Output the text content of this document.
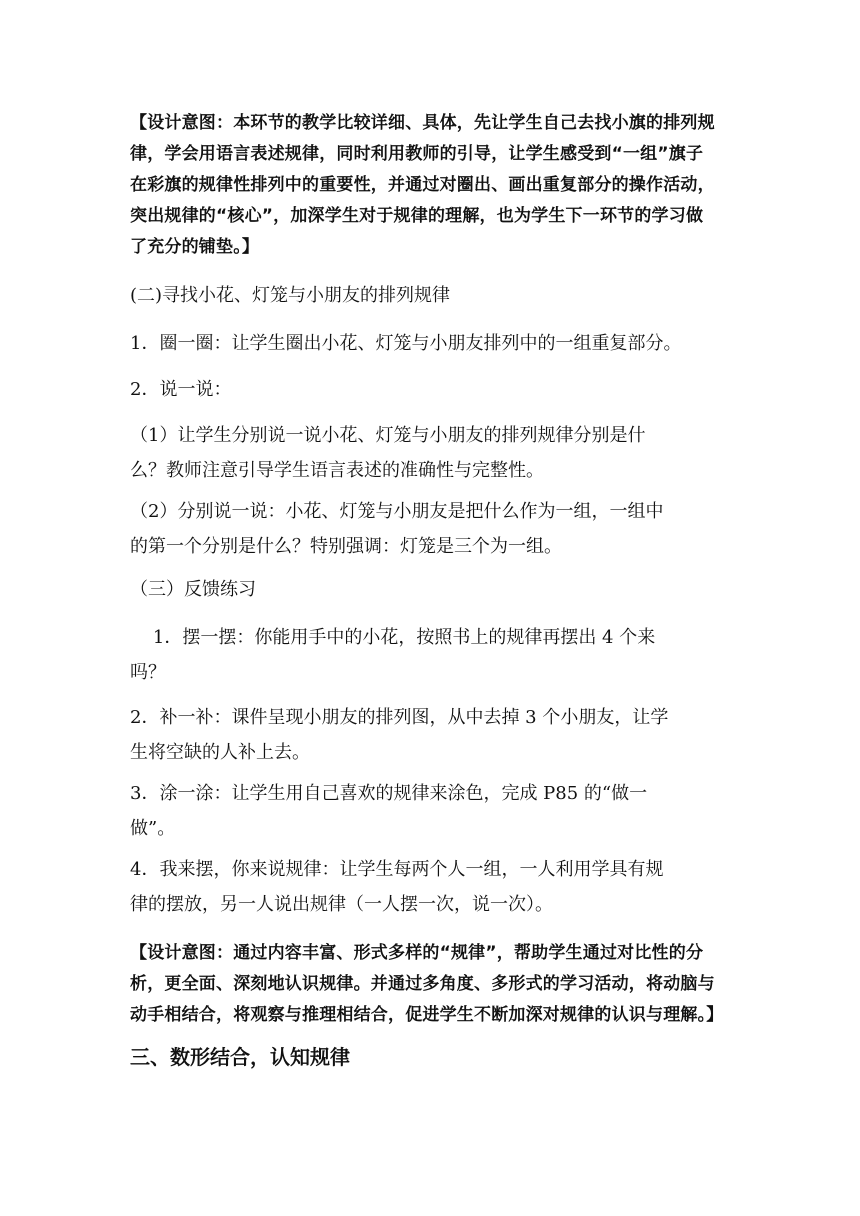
【设计意图：本环节的教学比较详细、具体，先让学生自己去找小旗的排列规
律，学会用语言表述规律，同时利用教师的引导，让学生感受到“一组”旗子
在彩旗的规律性排列中的重要性，并通过对圈出、画出重复部分的操作活动，
突出规律的“核心”，加深学生对于规律的理解，也为学生下一环节的学习做
了充分的铺垫。】

(二)寻找小花、灯笼与小朋友的排列规律

1．圈一圈：让学生圈出小花、灯笼与小朋友排列中的一组重复部分。

2．说一说：

（1）让学生分别说一说小花、灯笼与小朋友的排列规律分别是什
么？教师注意引导学生语言表述的准确性与完整性。

（2）分别说一说：小花、灯笼与小朋友是把什么作为一组，一组中
的第一个分别是什么？特别强调：灯笼是三个为一组。

（三）反馈练习

1．摆一摆：你能用手中的小花，按照书上的规律再摆出 4 个来
吗？

2．补一补：课件呈现小朋友的排列图，从中去掉 3 个小朋友，让学
生将空缺的人补上去。

3．涂一涂：让学生用自己喜欢的规律来涂色，完成 P85 的“做一
做”。

4．我来摆，你来说规律：让学生每两个人一组，一人利用学具有规
律的摆放，另一人说出规律（一人摆一次，说一次）。

【设计意图：通过内容丰富、形式多样的“规律”，帮助学生通过对比性的分
析，更全面、深刻地认识规律。并通过多角度、多形式的学习活动，将动脑与
动手相结合，将观察与推理相结合，促进学生不断加深对规律的认识与理解。】
三、数形结合，认知规律
